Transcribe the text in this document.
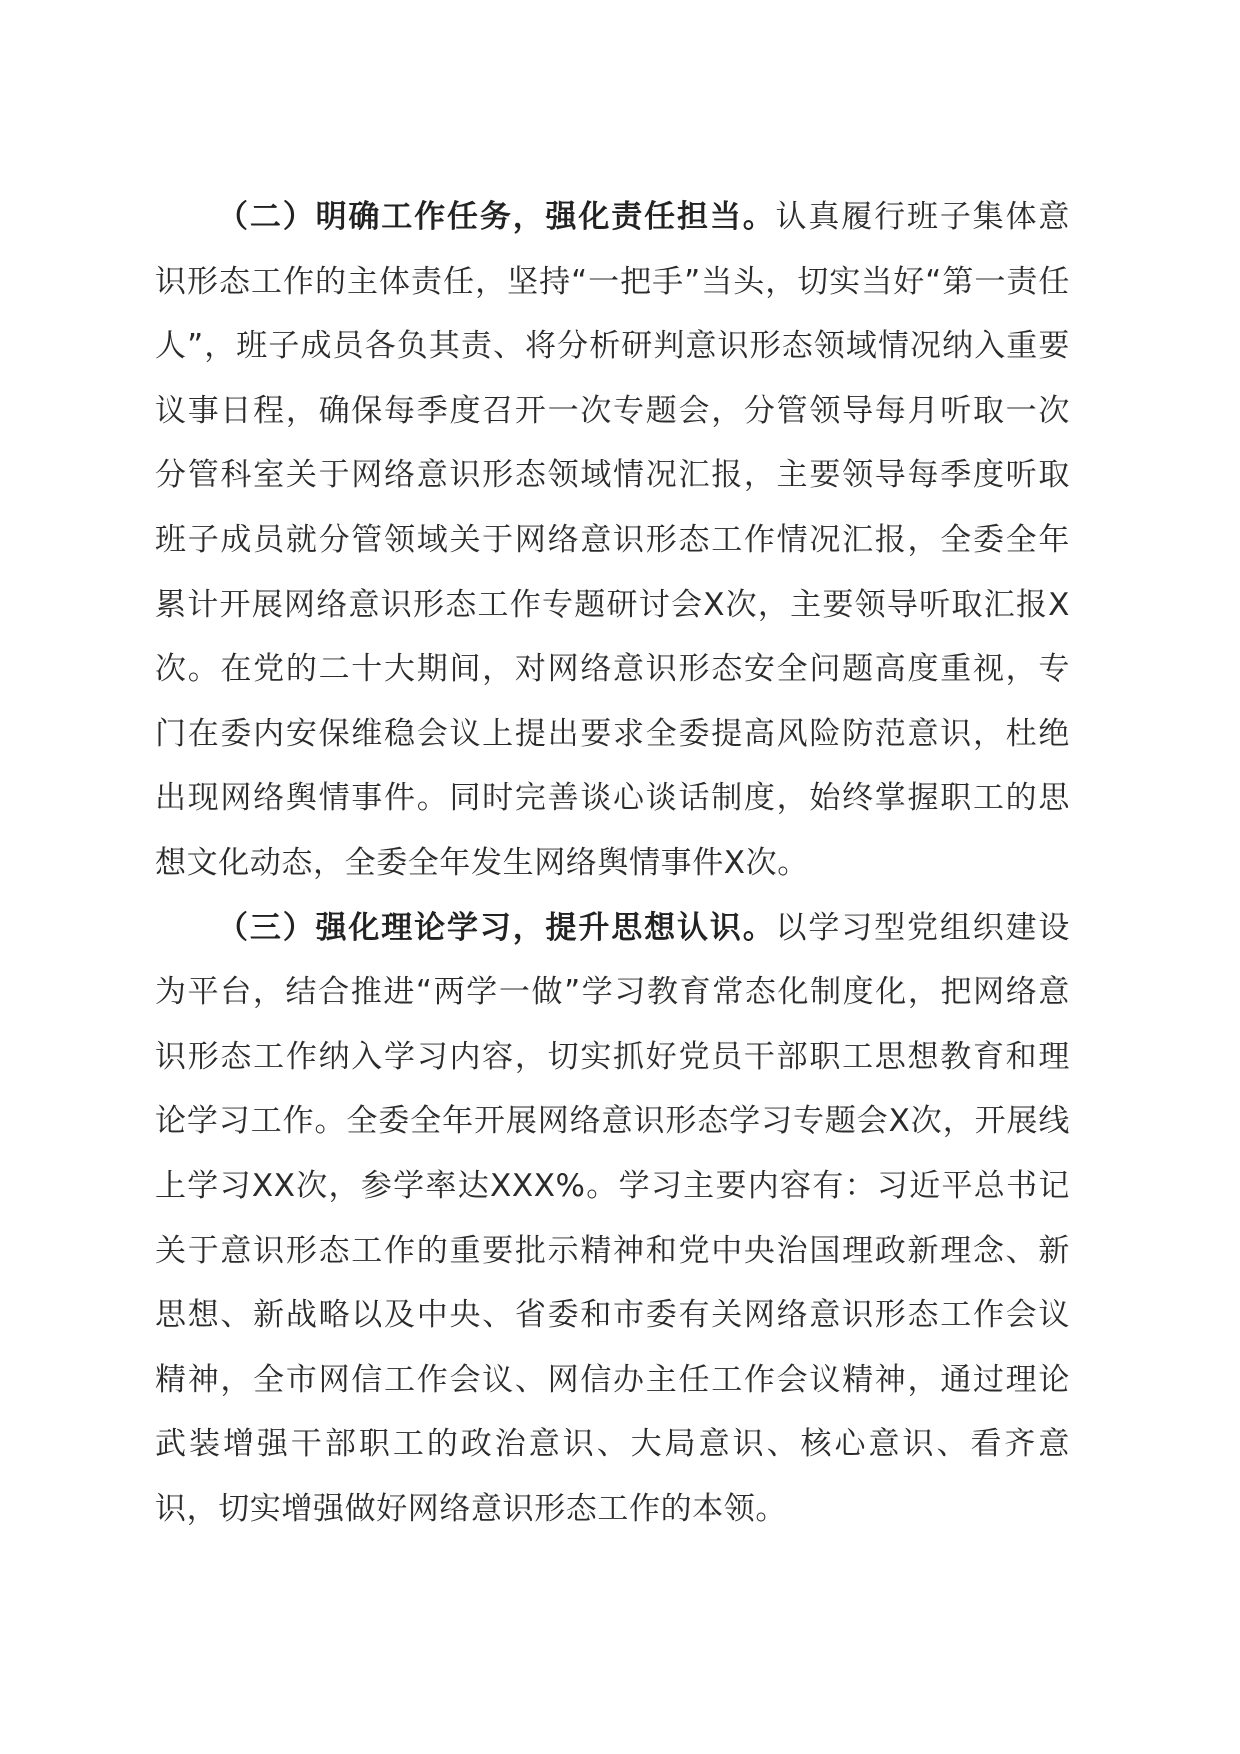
（二）明确工作任务，强化责任担当。认真履行班子集体意识形态工作的主体责任，坚持“一把手”当头，切实当好“第一责任人”，班子成员各负其责、将分析研判意识形态领域情况纳入重要议事日程，确保每季度召开一次专题会，分管领导每月听取一次分管科室关于网络意识形态领域情况汇报，主要领导每季度听取班子成员就分管领域关于网络意识形态工作情况汇报，全委全年累计开展网络意识形态工作专题研讨会X次，主要领导听取汇报X次。在党的二十大期间，对网络意识形态安全问题高度重视，专门在委内安保维稳会议上提出要求全委提高风险防范意识，杜绝出现网络舆情事件。同时完善谈心谈话制度，始终掌握职工的思想文化动态，全委全年发生网络舆情事件X次。

（三）强化理论学习，提升思想认识。以学习型党组织建设为平台，结合推进“两学一做”学习教育常态化制度化，把网络意识形态工作纳入学习内容，切实抓好党员干部职工思想教育和理论学习工作。全委全年开展网络意识形态学习专题会X次，开展线上学习XX次，参学率达XXX%。学习主要内容有：习近平总书记关于意识形态工作的重要批示精神和党中央治国理政新理念、新思想、新战略以及中央、省委和市委有关网络意识形态工作会议精神，全市网信工作会议、网信办主任工作会议精神，通过理论武装增强干部职工的政治意识、大局意识、核心意识、看齐意识，切实增强做好网络意识形态工作的本领。
